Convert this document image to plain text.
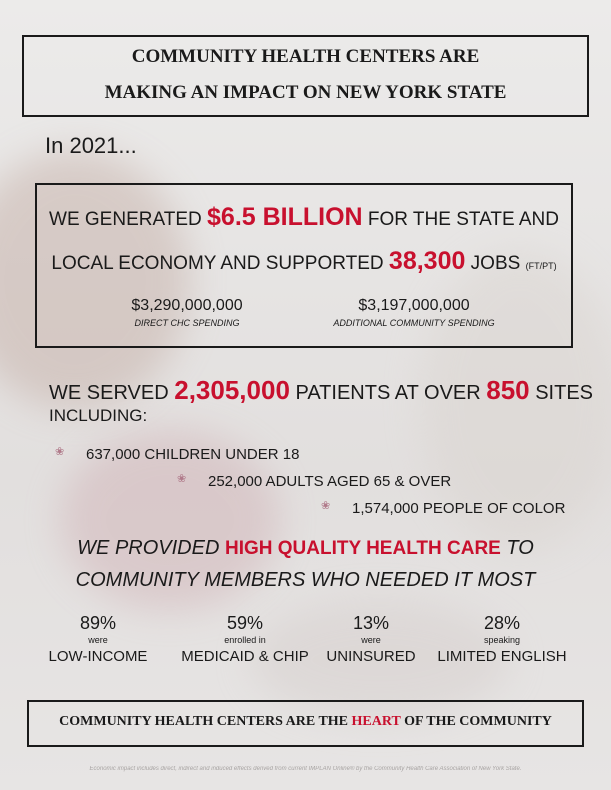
COMMUNITY HEALTH CENTERS ARE
MAKING AN IMPACT ON NEW YORK STATE
In 2021...
WE GENERATED $6.5 BILLION FOR THE STATE AND
LOCAL ECONOMY AND SUPPORTED 38,300 JOBS (FT/PT)
$3,290,000,000
DIRECT CHC SPENDING
$3,197,000,000
ADDITIONAL COMMUNITY SPENDING
WE SERVED 2,305,000 PATIENTS AT OVER 850 SITES
INCLUDING:
❀ 637,000 CHILDREN UNDER 18
❀ 252,000 ADULTS AGED 65 & OVER
❀ 1,574,000 PEOPLE OF COLOR
WE PROVIDED HIGH QUALITY HEALTH CARE TO
COMMUNITY MEMBERS WHO NEEDED IT MOST
89%
were
LOW-INCOME
59%
enrolled in
MEDICAID & CHIP
13%
were
UNINSURED
28%
speaking
LIMITED ENGLISH
COMMUNITY HEALTH CENTERS ARE THE HEART OF THE COMMUNITY
Economic impact includes direct, indirect and induced effects derived from current IMPLAN Online® by the Community Health Care Association of New York State.
